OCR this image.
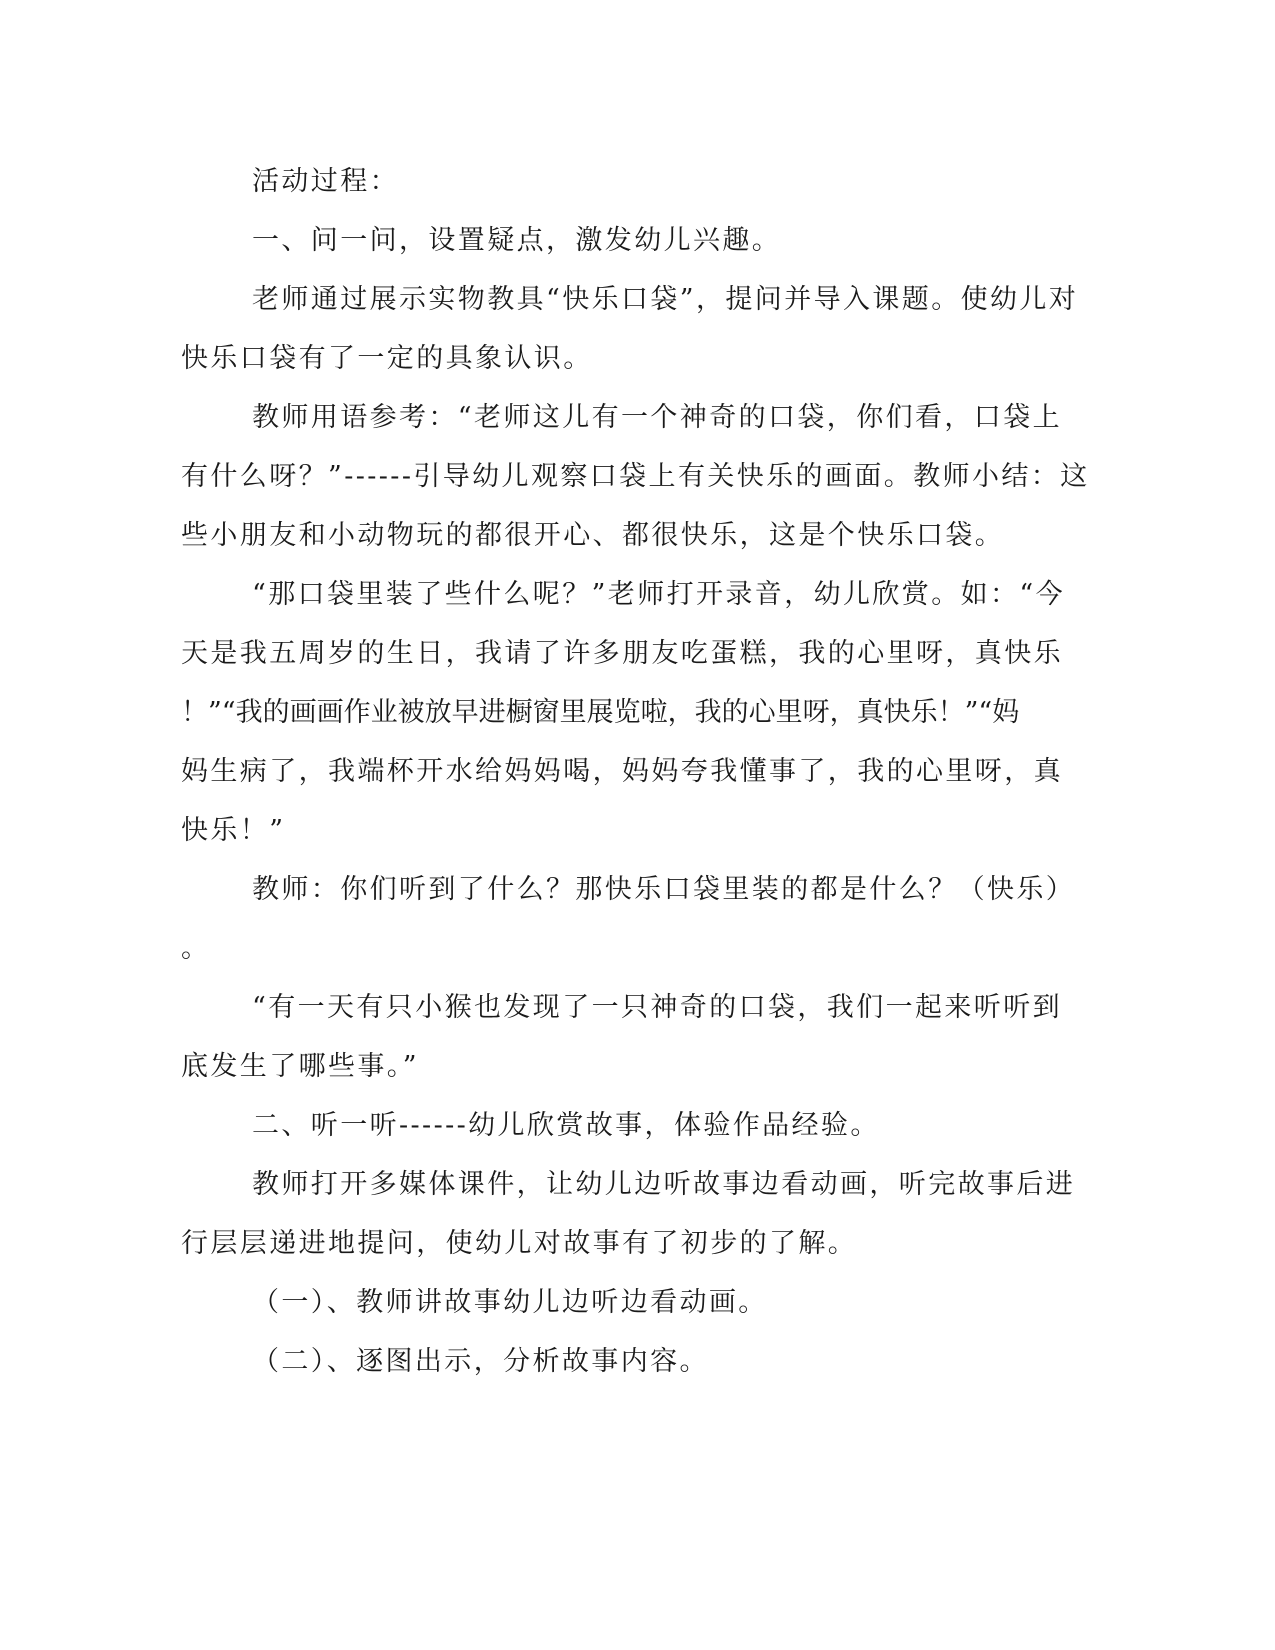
活动过程：
一、问一问，设置疑点，激发幼儿兴趣。
老师通过展示实物教具“快乐口袋”，提问并导入课题。使幼儿对
快乐口袋有了一定的具象认识。
教师用语参考：“老师这儿有一个神奇的口袋，你们看，口袋上
有什么呀？”------引导幼儿观察口袋上有关快乐的画面。教师小结：这
些小朋友和小动物玩的都很开心、都很快乐，这是个快乐口袋。
“那口袋里装了些什么呢？”老师打开录音，幼儿欣赏。如：“今
天是我五周岁的生日，我请了许多朋友吃蛋糕，我的心里呀，真快乐
！”“我的画画作业被放早进橱窗里展览啦，我的心里呀，真快乐！”“妈
妈生病了，我端杯开水给妈妈喝，妈妈夸我懂事了，我的心里呀，真
快乐！”
教师：你们听到了什么？那快乐口袋里装的都是什么？（快乐）
。
“有一天有只小猴也发现了一只神奇的口袋，我们一起来听听到
底发生了哪些事。”
二、听一听------幼儿欣赏故事，体验作品经验。
教师打开多媒体课件，让幼儿边听故事边看动画，听完故事后进
行层层递进地提问，使幼儿对故事有了初步的了解。
（一）、教师讲故事幼儿边听边看动画。
（二）、逐图出示，分析故事内容。
